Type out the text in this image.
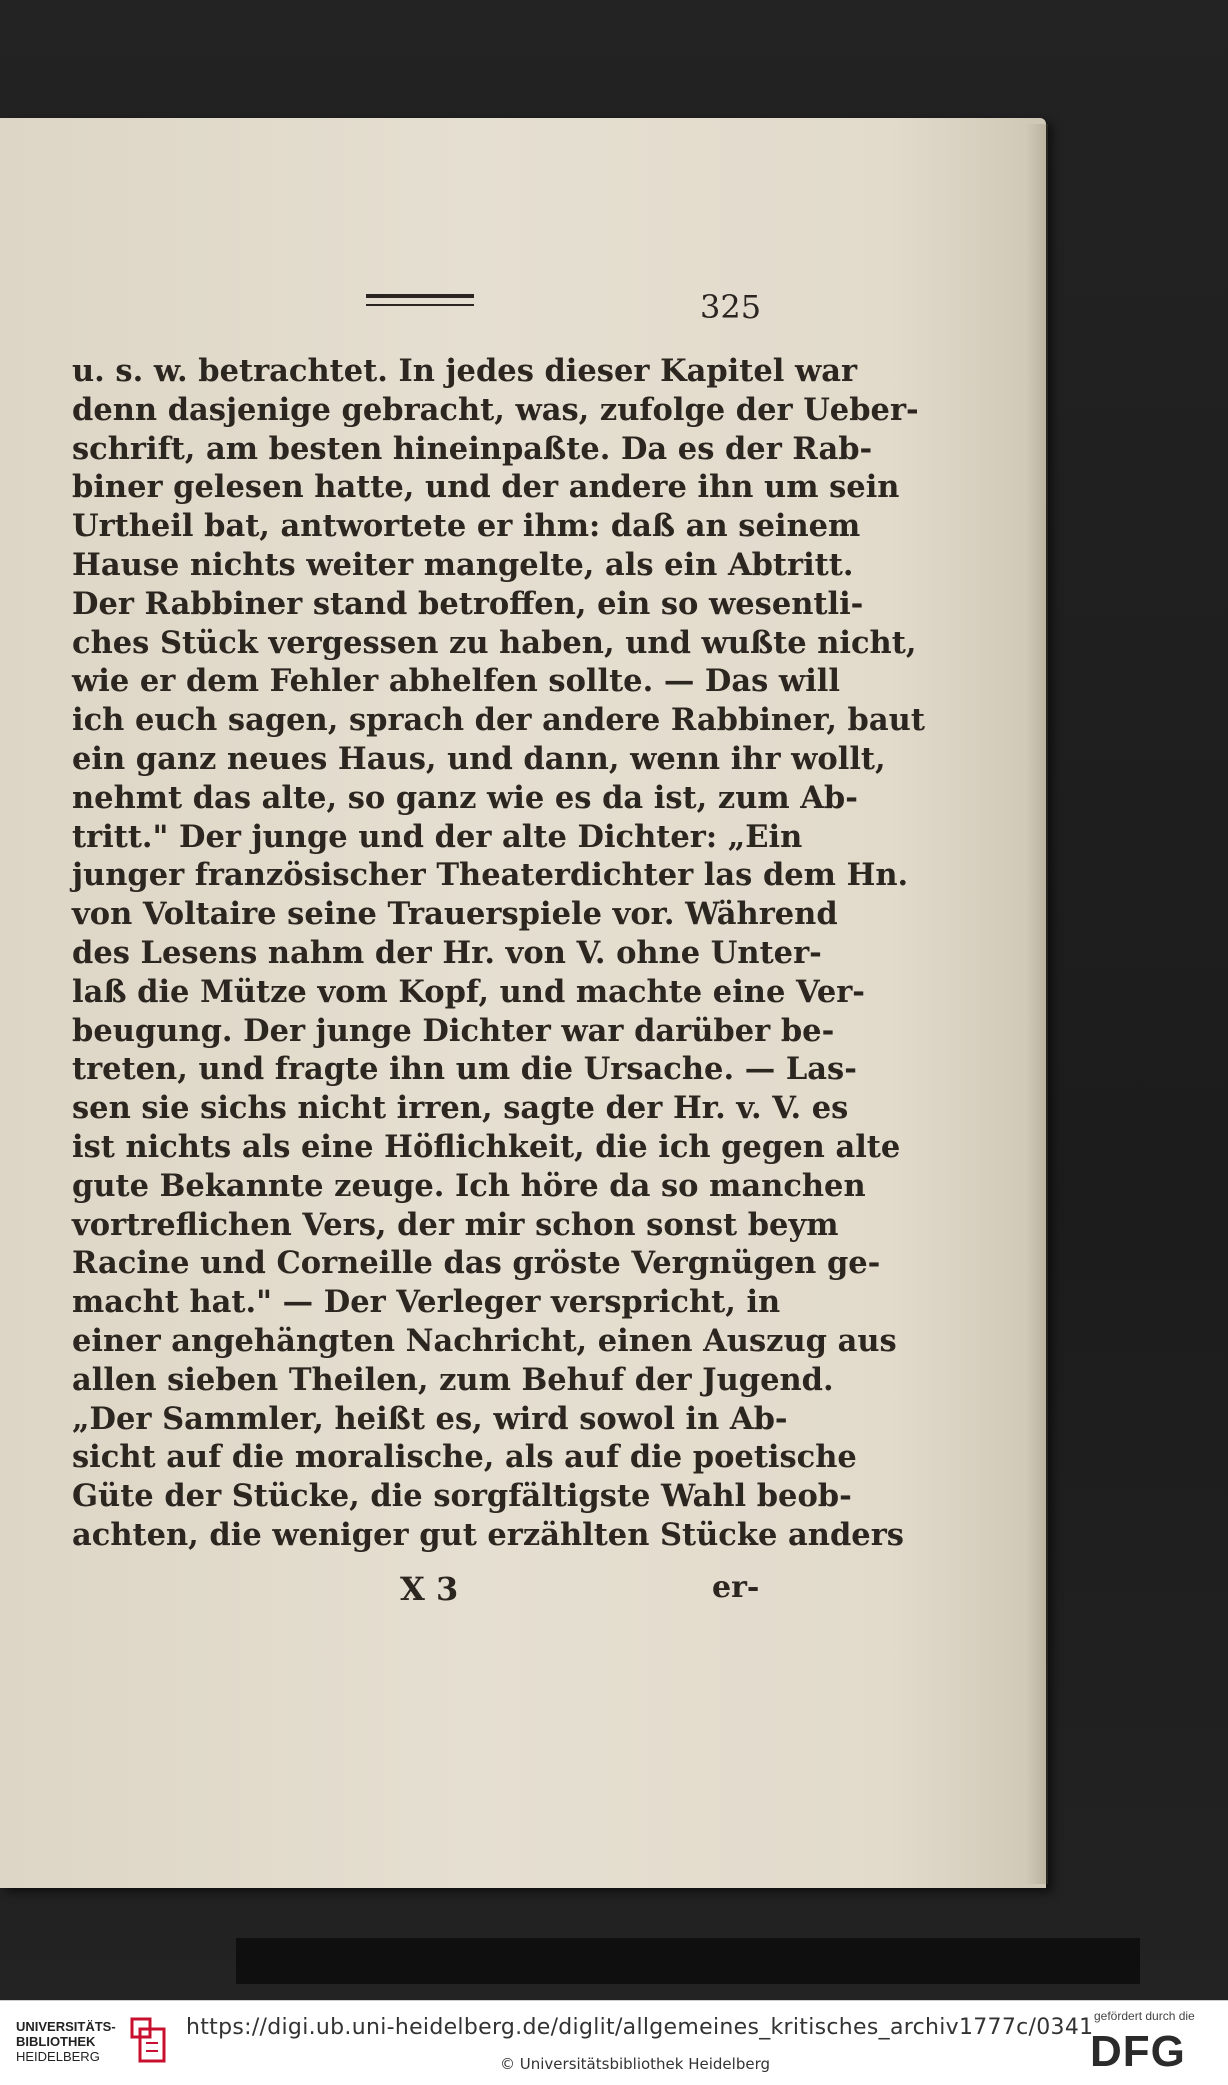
325
u. s. w. betrachtet. In jedes dieser Kapitel war
denn dasjenige gebracht, was, zufolge der Ueber-
schrift, am besten hineinpaßte. Da es der Rab-
biner gelesen hatte, und der andere ihn um sein
Urtheil bat, antwortete er ihm: daß an seinem
Hause nichts weiter mangelte, als ein Abtritt.
Der Rabbiner stand betroffen, ein so wesentli-
ches Stück vergessen zu haben, und wußte nicht,
wie er dem Fehler abhelfen sollte. — Das will
ich euch sagen, sprach der andere Rabbiner, baut
ein ganz neues Haus, und dann, wenn ihr wollt,
nehmt das alte, so ganz wie es da ist, zum Ab-
tritt." Der junge und der alte Dichter: „Ein
junger französischer Theaterdichter las dem Hn.
von Voltaire seine Trauerspiele vor. Während
des Lesens nahm der Hr. von V. ohne Unter-
laß die Mütze vom Kopf, und machte eine Ver-
beugung. Der junge Dichter war darüber be-
treten, und fragte ihn um die Ursache. — Las-
sen sie sichs nicht irren, sagte der Hr. v. V. es
ist nichts als eine Höflichkeit, die ich gegen alte
gute Bekannte zeuge. Ich höre da so manchen
vortreflichen Vers, der mir schon sonst beym
Racine und Corneille das gröste Vergnügen ge-
macht hat." — Der Verleger verspricht, in
einer angehängten Nachricht, einen Auszug aus
allen sieben Theilen, zum Behuf der Jugend.
„Der Sammler, heißt es, wird sowol in Ab-
sicht auf die moralische, als auf die poetische
Güte der Stücke, die sorgfältigste Wahl beob-
achten, die weniger gut erzählten Stücke anders
X 3	er-
UNIVERSITÄTS-
BIBLIOTHEK
HEIDELBERG
https://digi.ub.uni-heidelberg.de/diglit/allgemeines_kritisches_archiv1777c/0341
© Universitätsbibliothek Heidelberg
gefördert durch die
DFG
